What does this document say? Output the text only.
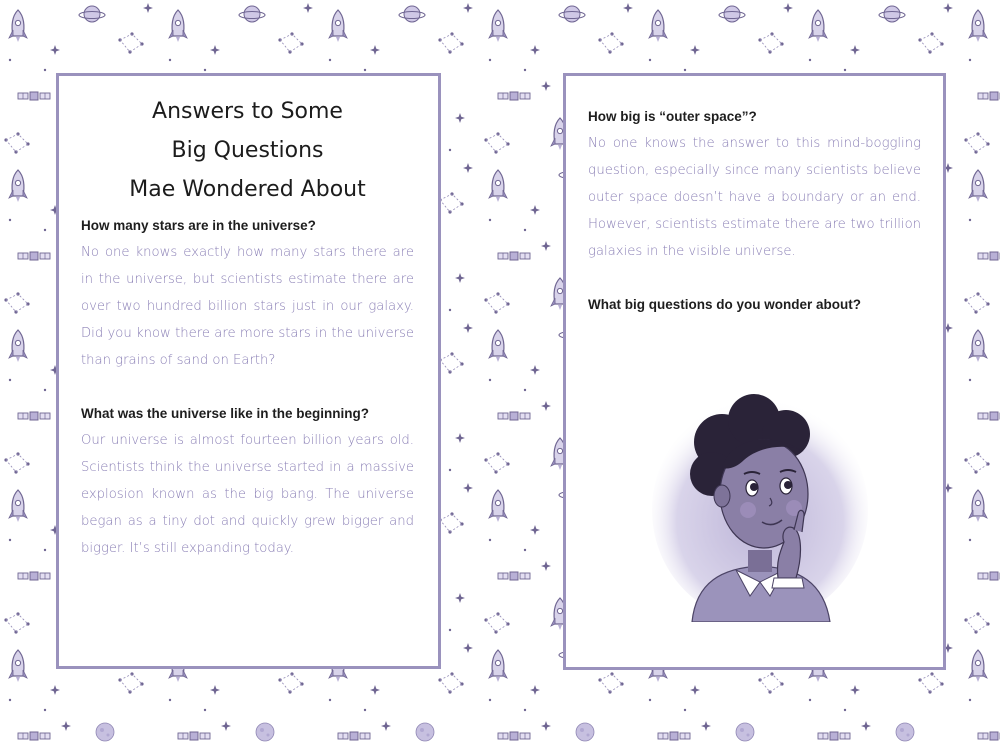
Answers to Some
Big Questions
Mae Wondered About

How many stars are in the universe?

No one knows exactly how many stars there are in the universe, but scientists estimate there are over two hundred billion stars just in our galaxy. Did you know there are more stars in the universe than grains of sand on Earth?

What was the universe like in the beginning?

Our universe is almost fourteen billion years old. Scientists think the universe started in a massive explosion known as the big bang. The universe began as a tiny dot and quickly grew bigger and bigger. It’s still expanding today.

How big is “outer space”?

No one knows the answer to this mind-boggling question, especially since many scientists believe outer space doesn’t have a boundary or an end. However, scientists estimate there are two trillion galaxies in the visible universe.

What big questions do you wonder about?
